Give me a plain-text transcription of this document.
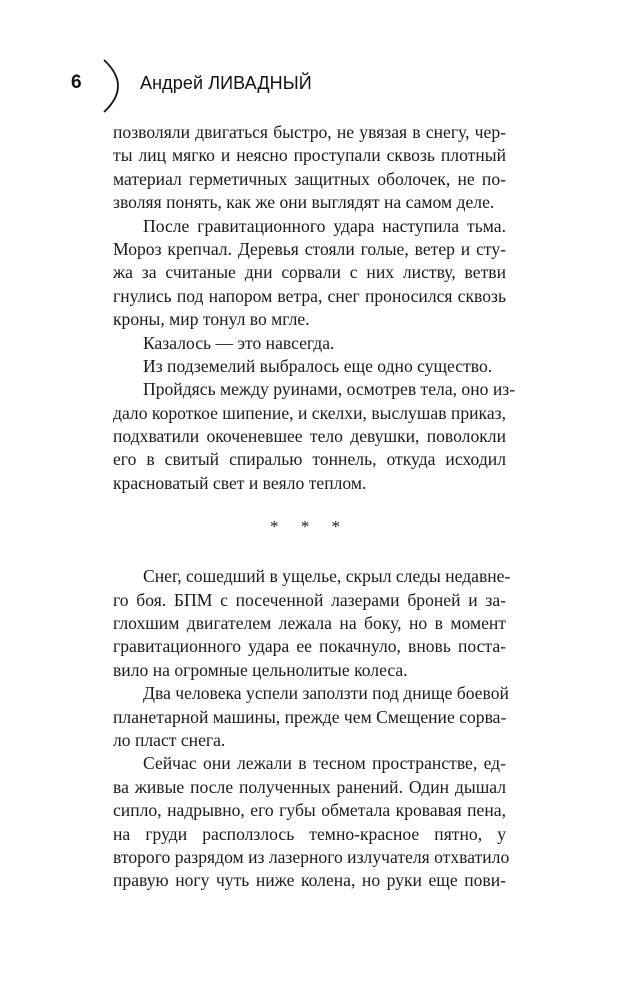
6	Андрей ЛИВАДНЫЙ
позволяли двигаться быстро, не увязая в снегу, чер-
ты лиц мягко и неясно проступали сквозь плотный
материал герметичных защитных оболочек, не по-
зволяя понять, как же они выглядят на самом деле.
После гравитационного удара наступила тьма.
Мороз крепчал. Деревья стояли голые, ветер и сту-
жа за считаные дни сорвали с них листву, ветви
гнулись под напором ветра, снег проносился сквозь
кроны, мир тонул во мгле.
Казалось — это навсегда.
Из подземелий выбралось еще одно существо.
Пройдясь между руинами, осмотрев тела, оно из-
дало короткое шипение, и скелхи, выслушав приказ,
подхватили окоченевшее тело девушки, поволокли
его в свитый спиралью тоннель, откуда исходил
красноватый свет и веяло теплом.
* * *
Снег, сошедший в ущелье, скрыл следы недавне-
го боя. БПМ с посеченной лазерами броней и за-
глохшим двигателем лежала на боку, но в момент
гравитационного удара ее покачнуло, вновь поста-
вило на огромные цельнолитые колеса.
Два человека успели заползти под днище боевой
планетарной машины, прежде чем Смещение сорва-
ло пласт снега.
Сейчас они лежали в тесном пространстве, ед-
ва живые после полученных ранений. Один дышал
сипло, надрывно, его губы обметала кровавая пена,
на груди расползлось темно-красное пятно, у
второго разрядом из лазерного излучателя отхватило
правую ногу чуть ниже колена, но руки еще пови-
